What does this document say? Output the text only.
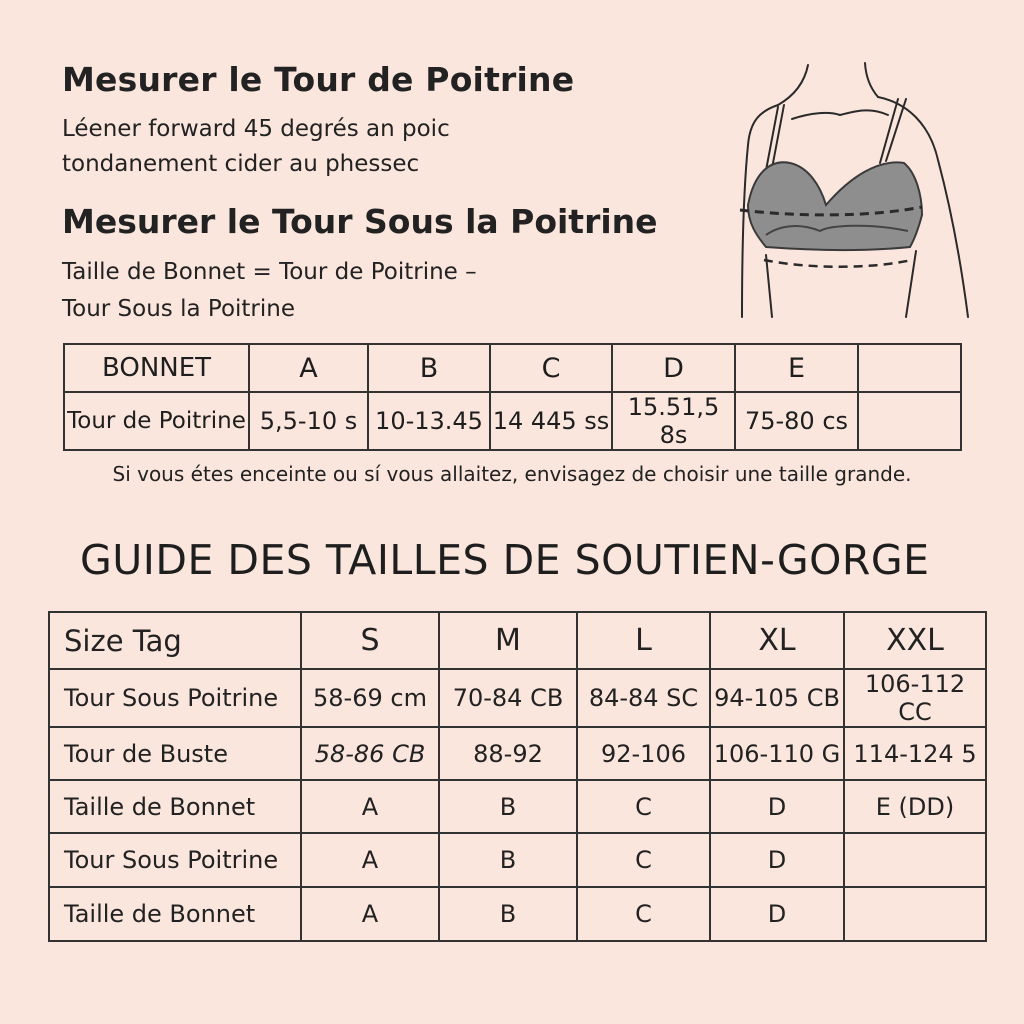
Mesurer le Tour de Poitrine
Léener forward 45 degrés an poic
tondanement cider au phessec
Mesurer le Tour Sous la Poitrine
Taille de Bonnet = Tour de Poitrine –
Tour Sous la Poitrine
BONNET	A	B	C	D	E	
Tour de Poitrine	5,5-10 s	10-13.45	14 445 ss	15.51,5 8s	75-80 cs	
Si vous étes enceinte ou sí vous allaitez, envisagez de choisir une taille grande.
GUIDE DES TAILLES DE SOUTIEN-GORGE
Size Tag	S	M	L	XL	XXL
Tour Sous Poitrine	58-69 cm	70-84 CB	84-84 SC	94-105 CB	106-112 CC
Tour de Buste	58-86 CB	88-92	92-106	106-110 G	114-124 5
Taille de Bonnet	A	B	C	D	E (DD)
Tour Sous Poitrine	A	B	C	D	
Taille de Bonnet	A	B	C	D	
